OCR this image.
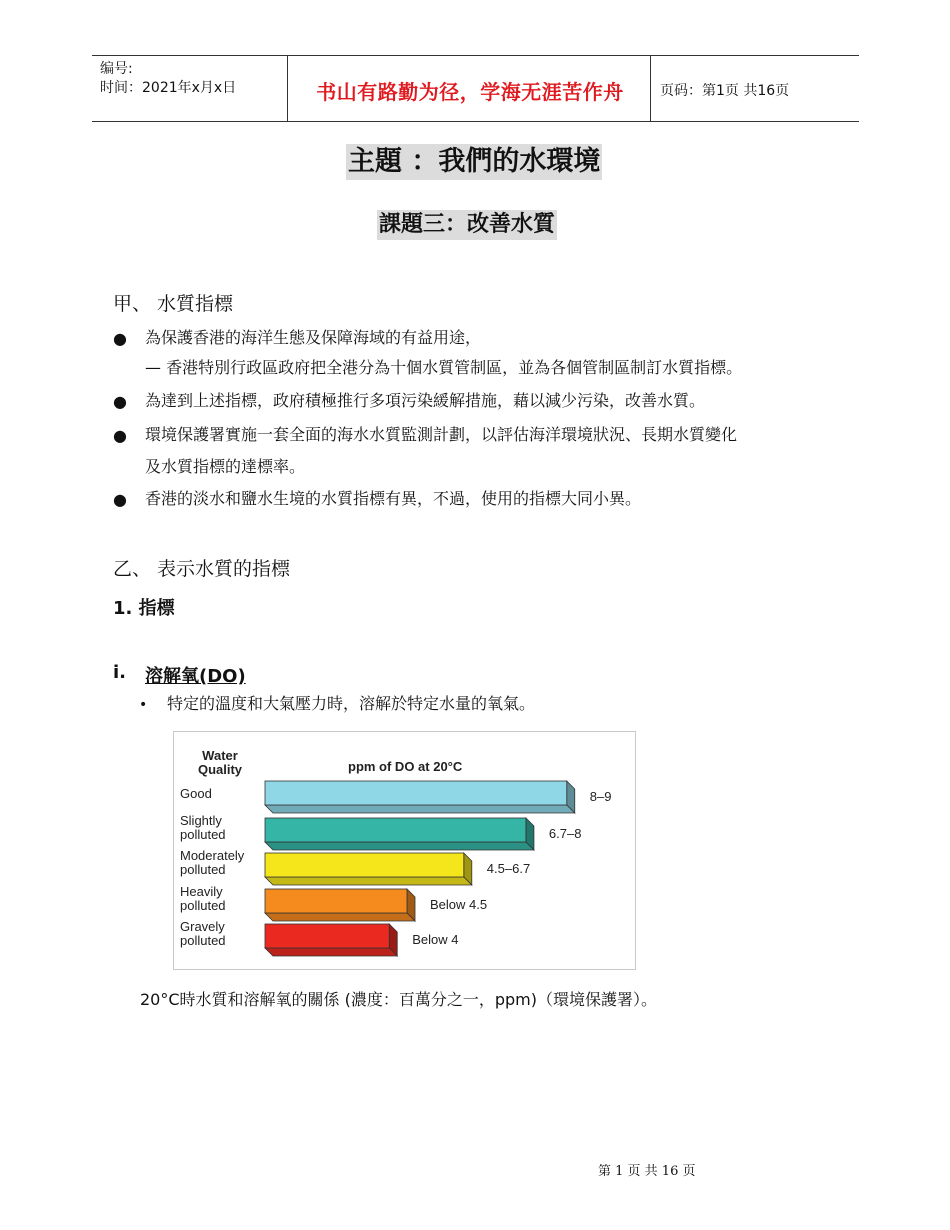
编号:
时间：2021年x月x日	书山有路勤为径，学海无涯苦作舟	页码：第1页 共16页
主題 ：我們的水環境
課題三：改善水質
甲、 水質指標
● 為保護香港的海洋生態及保障海域的有益用途，
— 香港特別行政區政府把全港分為十個水質管制區，並為各個管制區制訂水質指標。
● 為達到上述指標，政府積極推行多項污染緩解措施，藉以減少污染，改善水質。
● 環境保護署實施一套全面的海水水質監測計劃，以評估海洋環境狀況、長期水質變化
及水質指標的達標率。
● 香港的淡水和鹽水生境的水質指標有異，不過，使用的指標大同小異。
乙、 表示水質的指標
1. 指標
i. 溶解氧(DO)
• 特定的溫度和大氣壓力時，溶解於特定水量的氧氣。
Water
Quality	ppm of DO at 20°C
Good	8–9
Slightly
polluted	6.7–8
Moderately
polluted	4.5–6.7
Heavily
polluted	Below 4.5
Gravely
polluted	Below 4
20°C時水質和溶解氧的關係 (濃度：百萬分之一，ppm)（環境保護署）。
第 1 页 共 16 页
